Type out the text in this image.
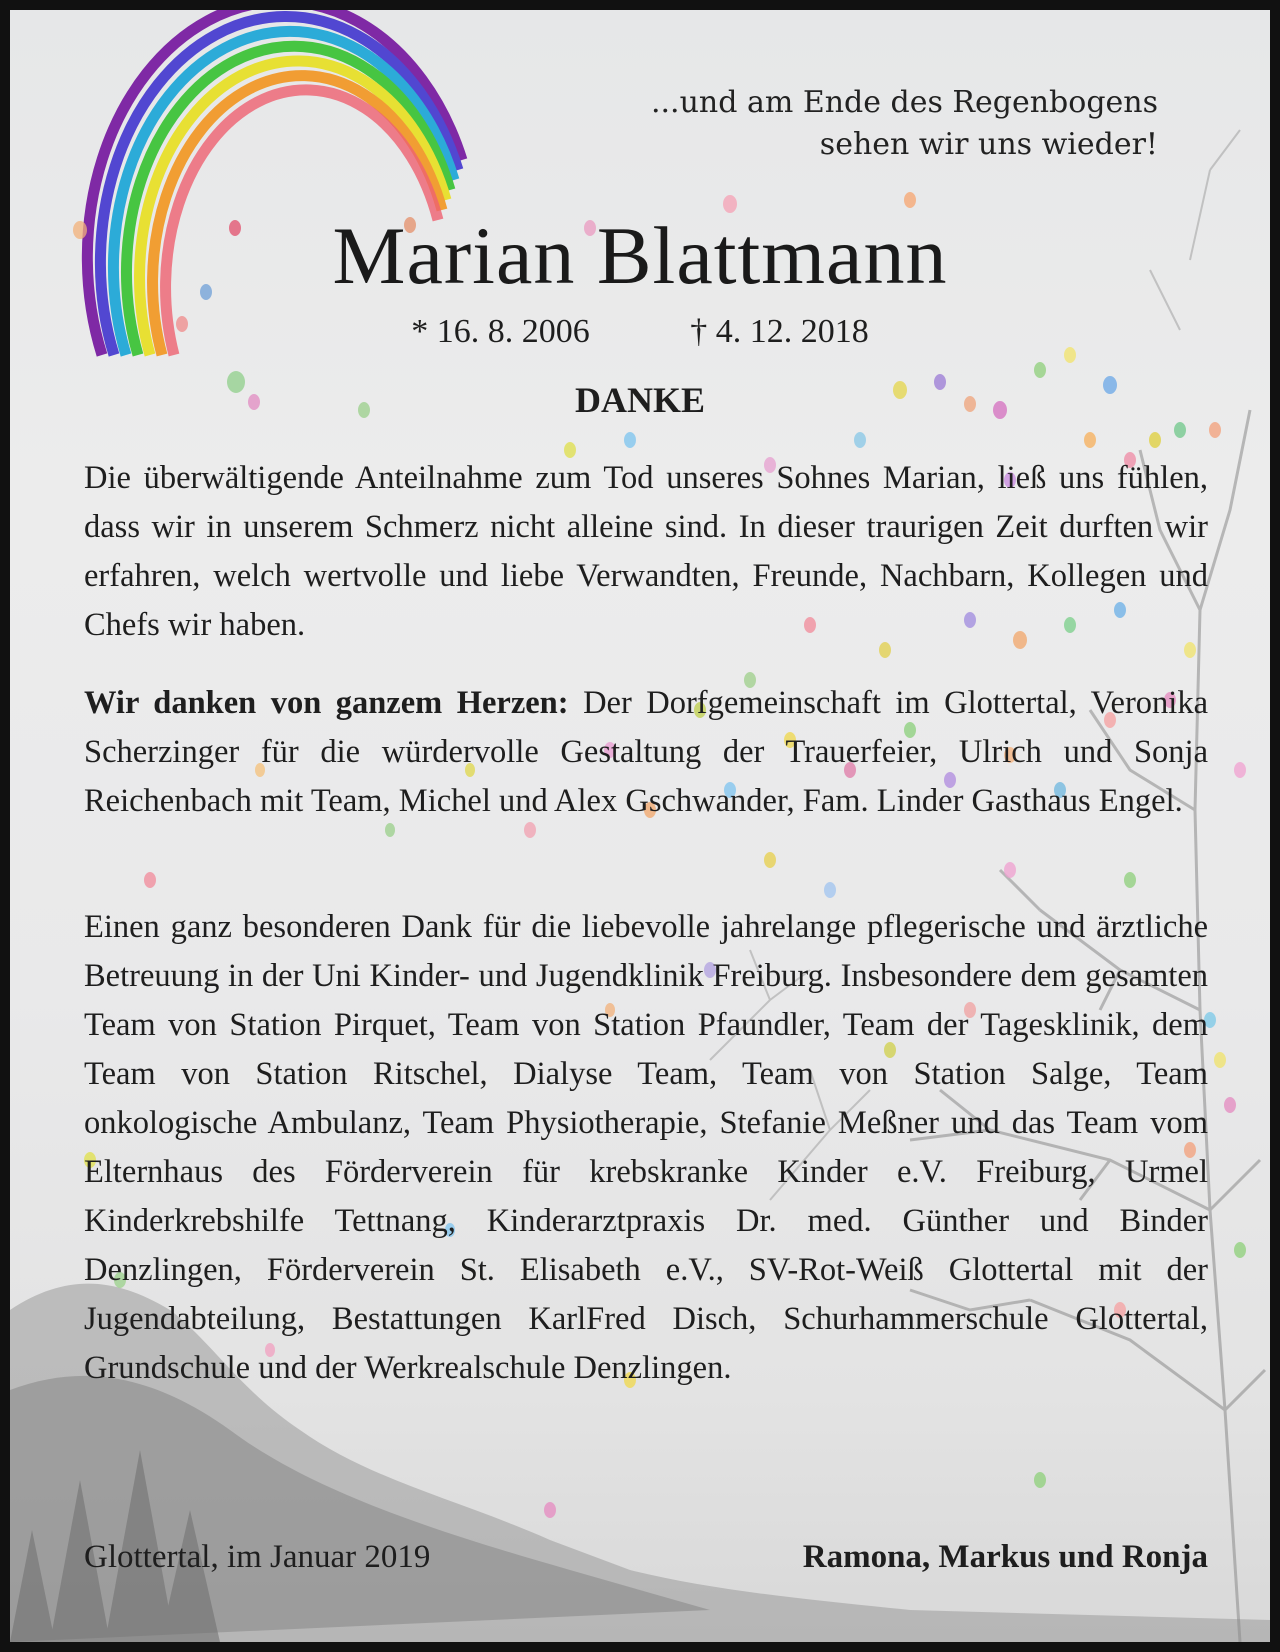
...und am Ende des Regenbogens
sehen wir uns wieder!
Marian Blattmann
* 16. 8. 2006	† 4. 12. 2018
DANKE

Die überwältigende Anteilnahme zum Tod unseres Sohnes Marian, ließ uns fühlen, dass wir in unserem Schmerz nicht alleine sind. In dieser traurigen Zeit durften wir erfahren, welch wertvolle und liebe Verwandten, Freunde, Nachbarn, Kollegen und Chefs wir haben.

Wir danken von ganzem Herzen: Der Dorfgemeinschaft im Glottertal, Veronika Scherzinger für die würdervolle Gestaltung der Trauerfeier, Ulrich und Sonja Reichenbach mit Team, Michel und Alex Gschwander, Fam. Linder Gasthaus Engel.

Einen ganz besonderen Dank für die liebevolle jahrelange pflegerische und ärztliche Betreuung in der Uni Kinder- und Jugendklinik Freiburg. Insbesondere dem gesamten Team von Station Pirquet, Team von Station Pfaundler, Team der Tagesklinik, dem Team von Station Ritschel, Dialyse Team, Team von Station Salge, Team onkologische Ambulanz, Team Physiotherapie, Stefanie Meßner und das Team vom Elternhaus des Förderverein für krebskranke Kinder e.V. Freiburg, Urmel Kinderkrebshilfe Tettnang, Kinderarztpraxis Dr. med. Günther und Binder Denzlingen, Förderverein St. Elisabeth e.V., SV-Rot-Weiß Glottertal mit der Jugendabteilung, Bestattungen KarlFred Disch, Schurhammerschule Glottertal, Grundschule und der Werkrealschule Denzlingen.

Glottertal, im Januar 2019	Ramona, Markus und Ronja
